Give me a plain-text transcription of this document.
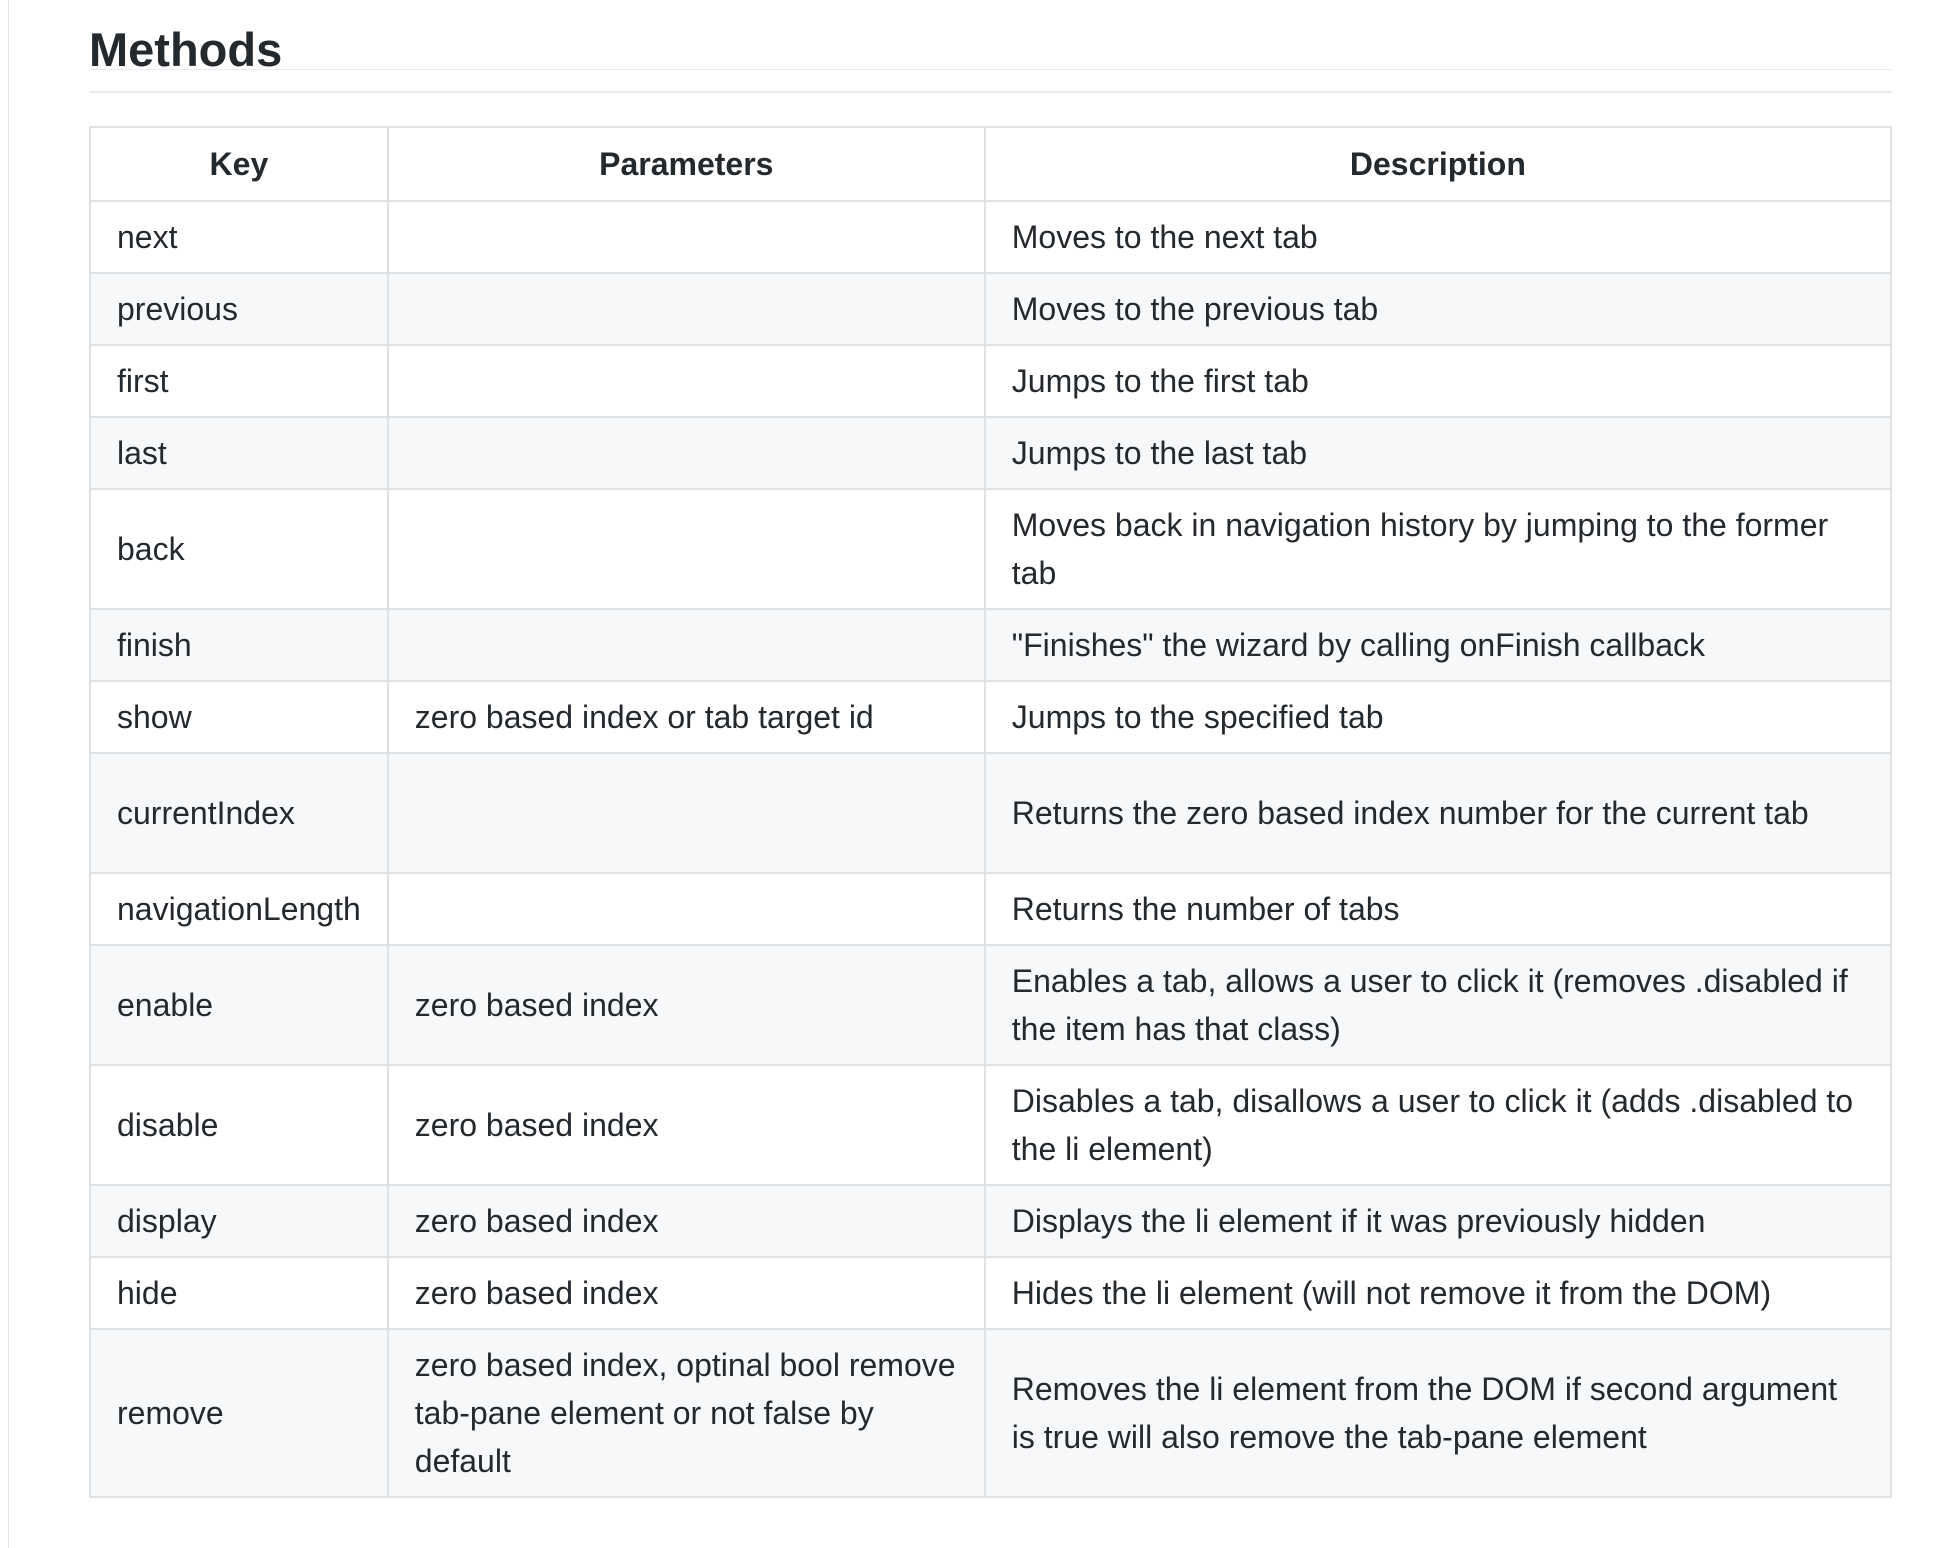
Methods
Key	Parameters	Description
next		Moves to the next tab
previous		Moves to the previous tab
first		Jumps to the first tab
last		Jumps to the last tab
back		Moves back in navigation history by jumping to the former tab
finish		"Finishes" the wizard by calling onFinish callback
show	zero based index or tab target id	Jumps to the specified tab
currentIndex		Returns the zero based index number for the current tab
navigationLength		Returns the number of tabs
enable	zero based index	Enables a tab, allows a user to click it (removes .disabled if the item has that class)
disable	zero based index	Disables a tab, disallows a user to click it (adds .disabled to the li element)
display	zero based index	Displays the li element if it was previously hidden
hide	zero based index	Hides the li element (will not remove it from the DOM)
remove	zero based index, optinal bool remove tab-pane element or not false by default	Removes the li element from the DOM if second argument is true will also remove the tab-pane element
